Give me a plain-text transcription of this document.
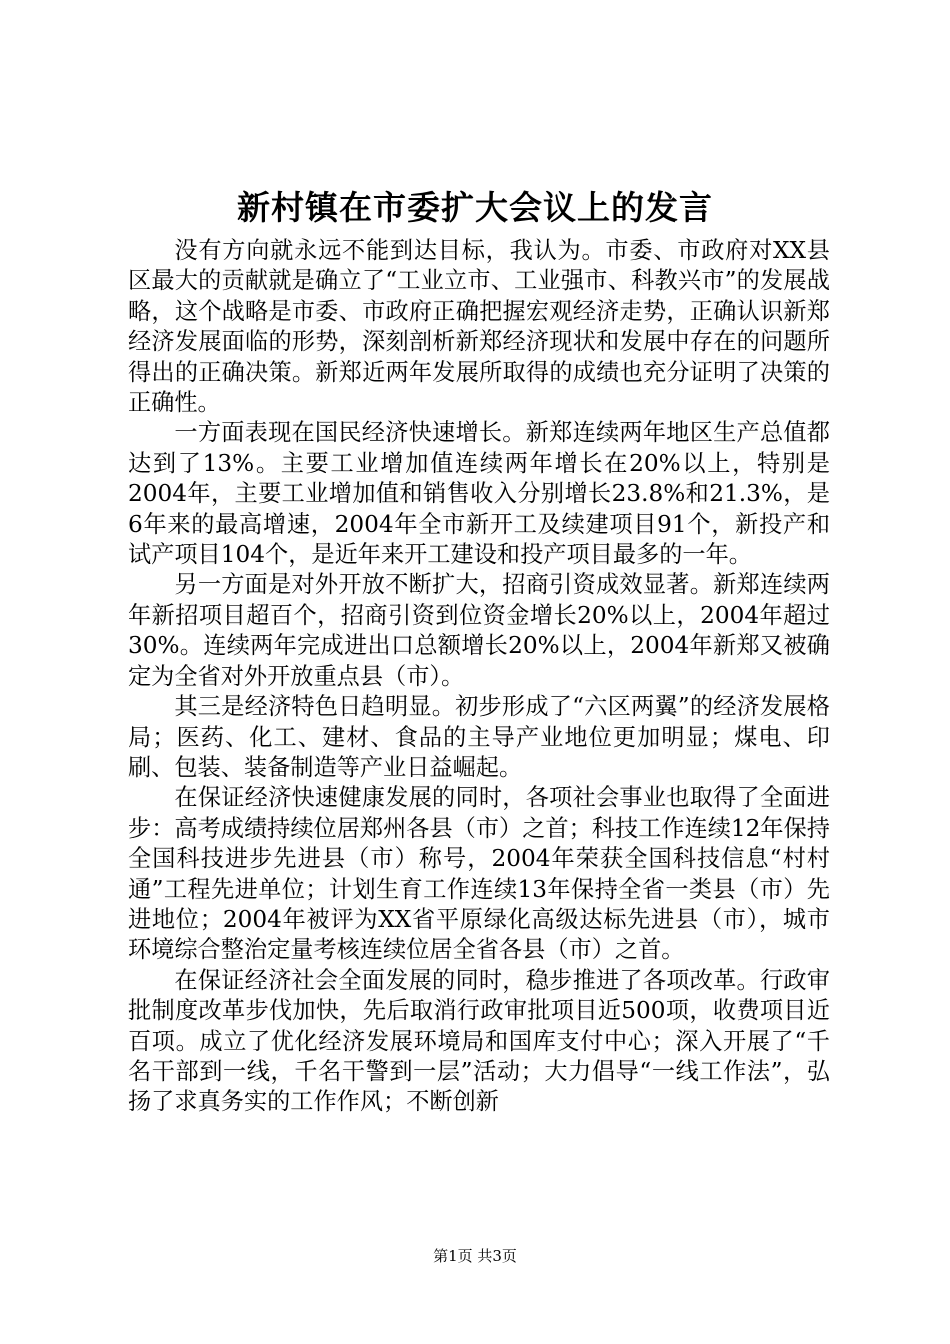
新村镇在市委扩大会议上的发言

没有方向就永远不能到达目标，我认为。市委、市政府对XX县区最大的贡献就是确立了“工业立市、工业强市、科教兴市”的发展战略，这个战略是市委、市政府正确把握宏观经济走势，正确认识新郑经济发展面临的形势，深刻剖析新郑经济现状和发展中存在的问题所得出的正确决策。新郑近两年发展所取得的成绩也充分证明了决策的正确性。

一方面表现在国民经济快速增长。新郑连续两年地区生产总值都达到了13%。主要工业增加值连续两年增长在20%以上，特别是2004年，主要工业增加值和销售收入分别增长23.8%和21.3%，是6年来的最高增速，2004年全市新开工及续建项目91个，新投产和试产项目104个，是近年来开工建设和投产项目最多的一年。

另一方面是对外开放不断扩大，招商引资成效显著。新郑连续两年新招项目超百个，招商引资到位资金增长20%以上，2004年超过30%。连续两年完成进出口总额增长20%以上，2004年新郑又被确定为全省对外开放重点县（市）。

其三是经济特色日趋明显。初步形成了“六区两翼”的经济发展格局；医药、化工、建材、食品的主导产业地位更加明显；煤电、印刷、包装、装备制造等产业日益崛起。

在保证经济快速健康发展的同时，各项社会事业也取得了全面进步：高考成绩持续位居郑州各县（市）之首；科技工作连续12年保持全国科技进步先进县（市）称号，2004年荣获全国科技信息“村村通”工程先进单位；计划生育工作连续13年保持全省一类县（市）先进地位；2004年被评为XX省平原绿化高级达标先进县（市），城市环境综合整治定量考核连续位居全省各县（市）之首。

在保证经济社会全面发展的同时，稳步推进了各项改革。行政审批制度改革步伐加快，先后取消行政审批项目近500项，收费项目近百项。成立了优化经济发展环境局和国库支付中心；深入开展了“千名干部到一线，千名干警到一层”活动；大力倡导“一线工作法”，弘扬了求真务实的工作作风；不断创新

第1页 共3页
